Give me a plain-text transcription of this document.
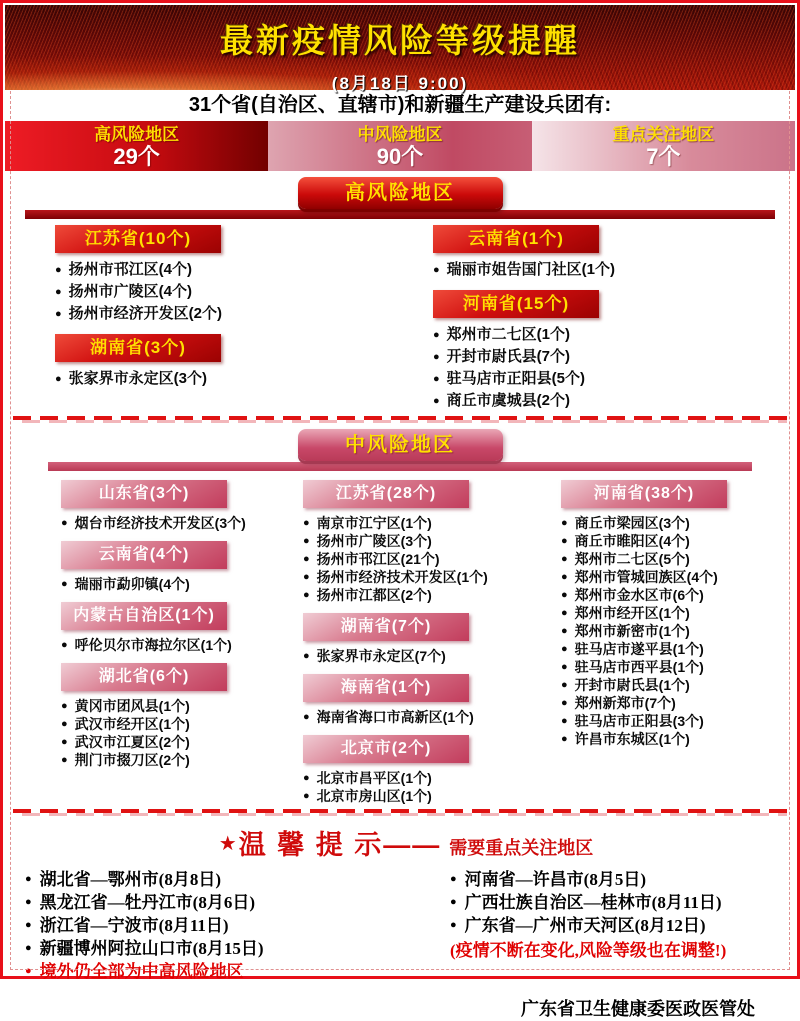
最新疫情风险等级提醒
(8月18日 9:00)
31个省(自治区、直辖市)和新疆生产建设兵团有:
高风险地区
29个
中风险地区
90个
重点关注地区
7个
高风险地区
江苏省(10个)
● 扬州市邗江区(4个)
● 扬州市广陵区(4个)
● 扬州市经济开发区(2个)
湖南省(3个)
● 张家界市永定区(3个)
云南省(1个)
● 瑞丽市姐告国门社区(1个)
河南省(15个)
● 郑州市二七区(1个)
● 开封市尉氏县(7个)
● 驻马店市正阳县(5个)
● 商丘市虞城县(2个)
中风险地区
山东省(3个)
● 烟台市经济技术开发区(3个)
云南省(4个)
● 瑞丽市勐卯镇(4个)
内蒙古自治区(1个)
● 呼伦贝尔市海拉尔区(1个)
湖北省(6个)
● 黄冈市团风县(1个)
● 武汉市经开区(1个)
● 武汉市江夏区(2个)
● 荆门市掇刀区(2个)
江苏省(28个)
● 南京市江宁区(1个)
● 扬州市广陵区(3个)
● 扬州市邗江区(21个)
● 扬州市经济技术开发区(1个)
● 扬州市江都区(2个)
湖南省(7个)
● 张家界市永定区(7个)
海南省(1个)
● 海南省海口市高新区(1个)
北京市(2个)
● 北京市昌平区(1个)
● 北京市房山区(1个)
河南省(38个)
● 商丘市梁园区(3个)
● 商丘市睢阳区(4个)
● 郑州市二七区(5个)
● 郑州市管城回族区(4个)
● 郑州市金水区市(6个)
● 郑州市经开区(1个)
● 郑州市新密市(1个)
● 驻马店市遂平县(1个)
● 驻马店市西平县(1个)
● 开封市尉氏县(1个)
● 郑州新郑市(7个)
● 驻马店市正阳县(3个)
● 许昌市东城区(1个)
★温 馨 提 示—— 需要重点关注地区
● 湖北省—鄂州市(8月8日)
● 黑龙江省—牡丹江市(8月6日)
● 浙江省—宁波市(8月11日)
● 新疆博州阿拉山口市(8月15日)
● 境外仍全部为中高风险地区
● 河南省—许昌市(8月5日)
● 广西壮族自治区—桂林市(8月11日)
● 广东省—广州市天河区(8月12日)
(疫情不断在变化,风险等级也在调整!)
广东省卫生健康委医政医管处
